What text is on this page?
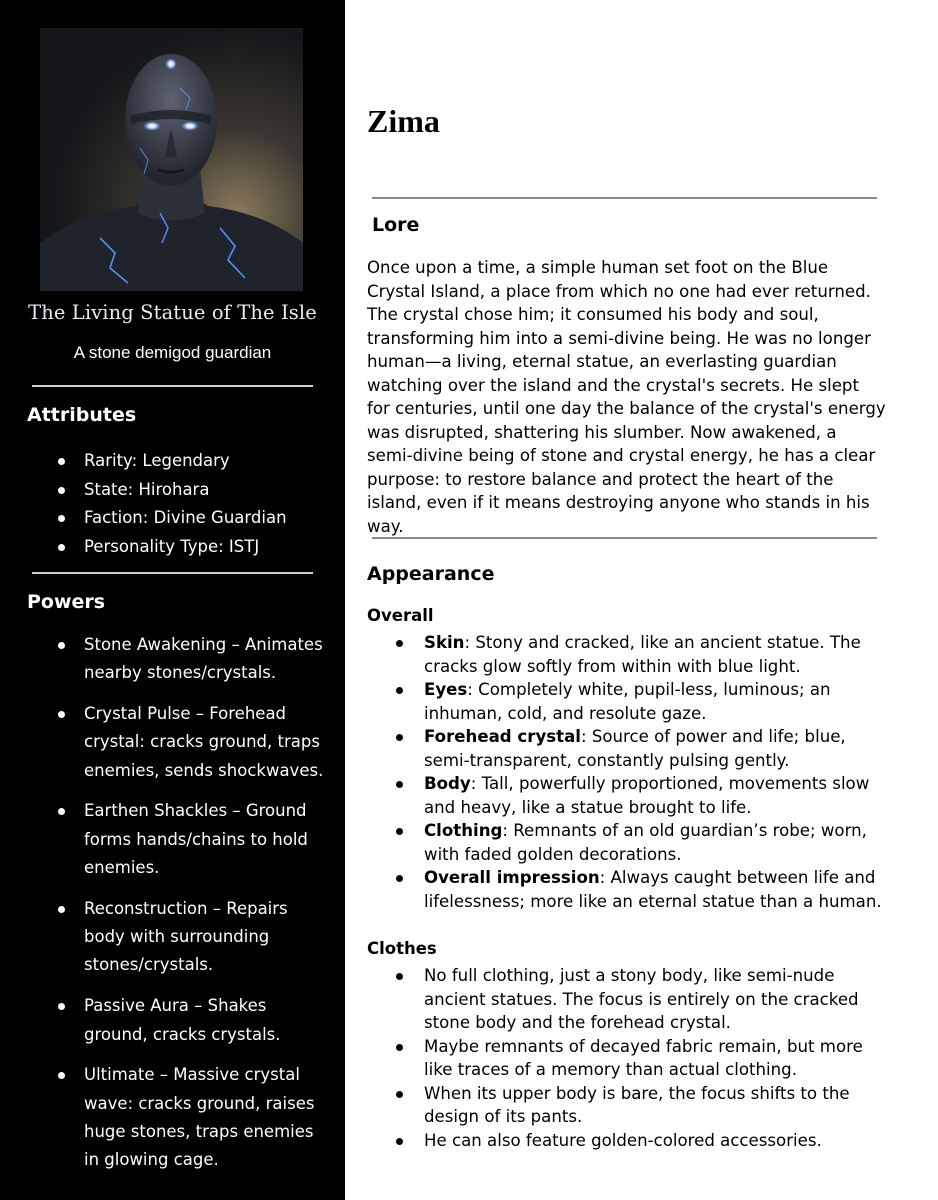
The Living Statue of The Isle
A stone demigod guardian
Attributes
Rarity: Legendary
State: Hirohara
Faction: Divine Guardian
Personality Type: ISTJ
Powers
Stone Awakening – Animates nearby stones/crystals.
Crystal Pulse – Forehead crystal: cracks ground, traps enemies, sends shockwaves.
Earthen Shackles – Ground forms hands/chains to hold enemies.
Reconstruction – Repairs body with surrounding stones/crystals.
Passive Aura – Shakes ground, cracks crystals.
Ultimate – Massive crystal wave: cracks ground, raises huge stones, traps enemies in glowing cage.
Zima
Lore

Once upon a time, a simple human set foot on the Blue Crystal Island, a place from which no one had ever returned. The crystal chose him; it consumed his body and soul, transforming him into a semi-divine being. He was no longer human—a living, eternal statue, an everlasting guardian watching over the island and the crystal's secrets. He slept for centuries, until one day the balance of the crystal's energy was disrupted, shattering his slumber. Now awakened, a semi-divine being of stone and crystal energy, he has a clear purpose: to restore balance and protect the heart of the island, even if it means destroying anyone who stands in his way.

Appearance
Overall
Skin: Stony and cracked, like an ancient statue. The cracks glow softly from within with blue light.
Eyes: Completely white, pupil-less, luminous; an inhuman, cold, and resolute gaze.
Forehead crystal: Source of power and life; blue, semi-transparent, constantly pulsing gently.
Body: Tall, powerfully proportioned, movements slow and heavy, like a statue brought to life.
Clothing: Remnants of an old guardian’s robe; worn, with faded golden decorations.
Overall impression: Always caught between life and lifelessness; more like an eternal statue than a human.
Clothes
No full clothing, just a stony body, like semi-nude ancient statues. The focus is entirely on the cracked stone body and the forehead crystal.
Maybe remnants of decayed fabric remain, but more like traces of a memory than actual clothing.
When its upper body is bare, the focus shifts to the design of its pants.
He can also feature golden-colored accessories.
